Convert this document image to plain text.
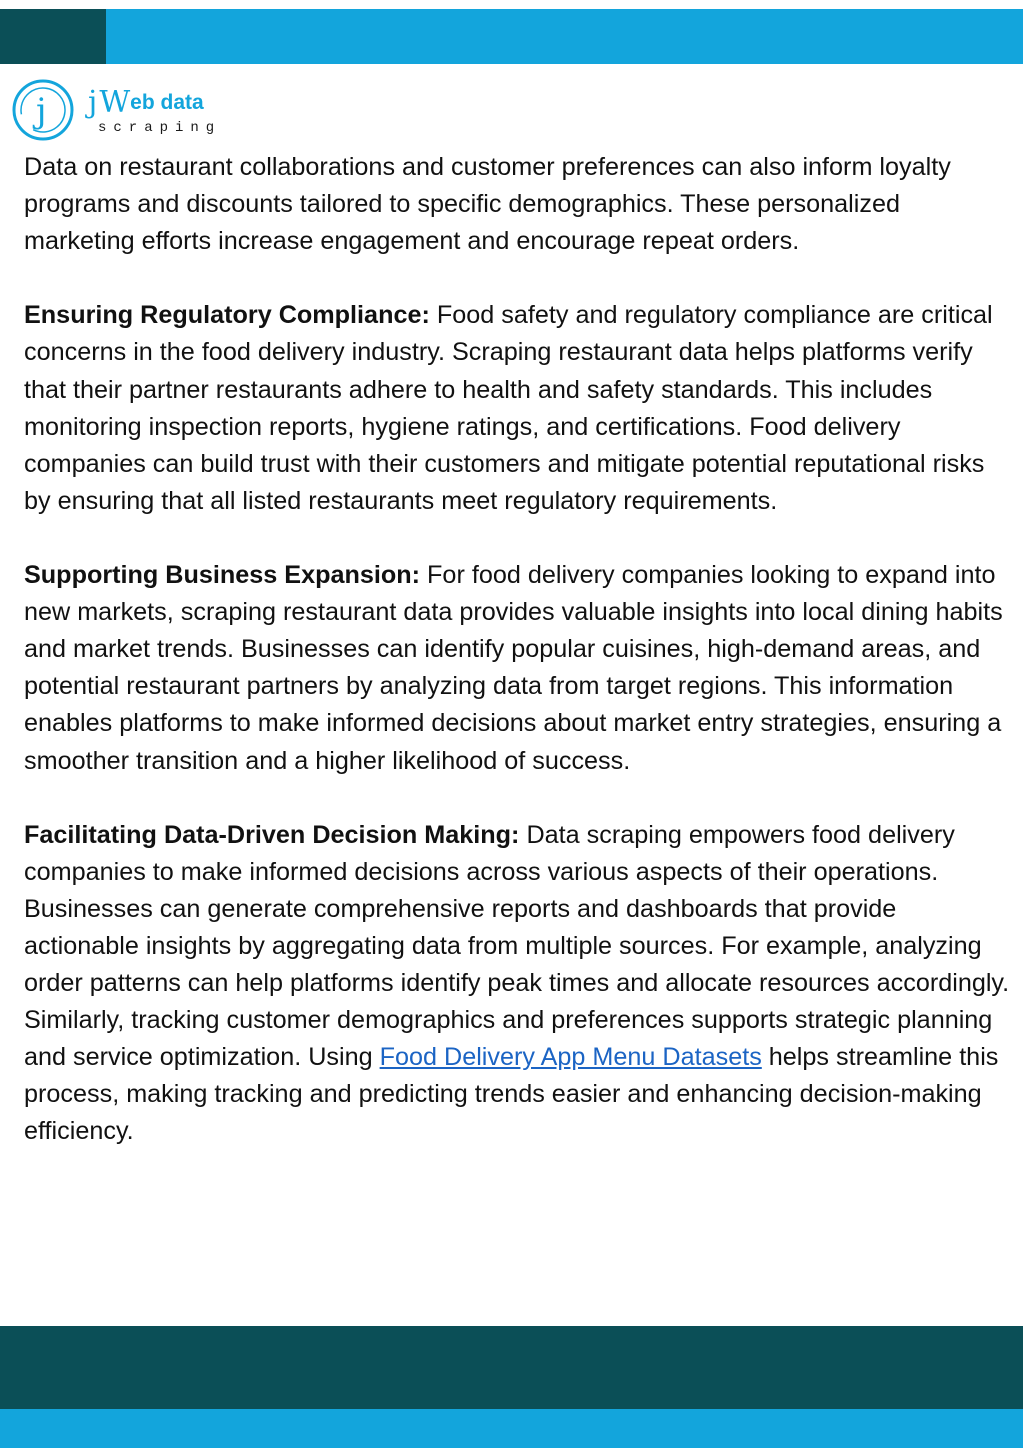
j jWeb data
scraping

Data on restaurant collaborations and customer preferences can also inform loyalty programs and discounts tailored to specific demographics. These personalized marketing efforts increase engagement and encourage repeat orders.

Ensuring Regulatory Compliance: Food safety and regulatory compliance are critical concerns in the food delivery industry. Scraping restaurant data helps platforms verify that their partner restaurants adhere to health and safety standards. This includes monitoring inspection reports, hygiene ratings, and certifications. Food delivery companies can build trust with their customers and mitigate potential reputational risks by ensuring that all listed restaurants meet regulatory requirements.

Supporting Business Expansion: For food delivery companies looking to expand into new markets, scraping restaurant data provides valuable insights into local dining habits and market trends. Businesses can identify popular cuisines, high-demand areas, and potential restaurant partners by analyzing data from target regions. This information enables platforms to make informed decisions about market entry strategies, ensuring a smoother transition and a higher likelihood of success.

Facilitating Data-Driven Decision Making: Data scraping empowers food delivery companies to make informed decisions across various aspects of their operations. Businesses can generate comprehensive reports and dashboards that provide actionable insights by aggregating data from multiple sources. For example, analyzing order patterns can help platforms identify peak times and allocate resources accordingly. Similarly, tracking customer demographics and preferences supports strategic planning and service optimization. Using Food Delivery App Menu Datasets helps streamline this process, making tracking and predicting trends easier and enhancing decision-making efficiency.
